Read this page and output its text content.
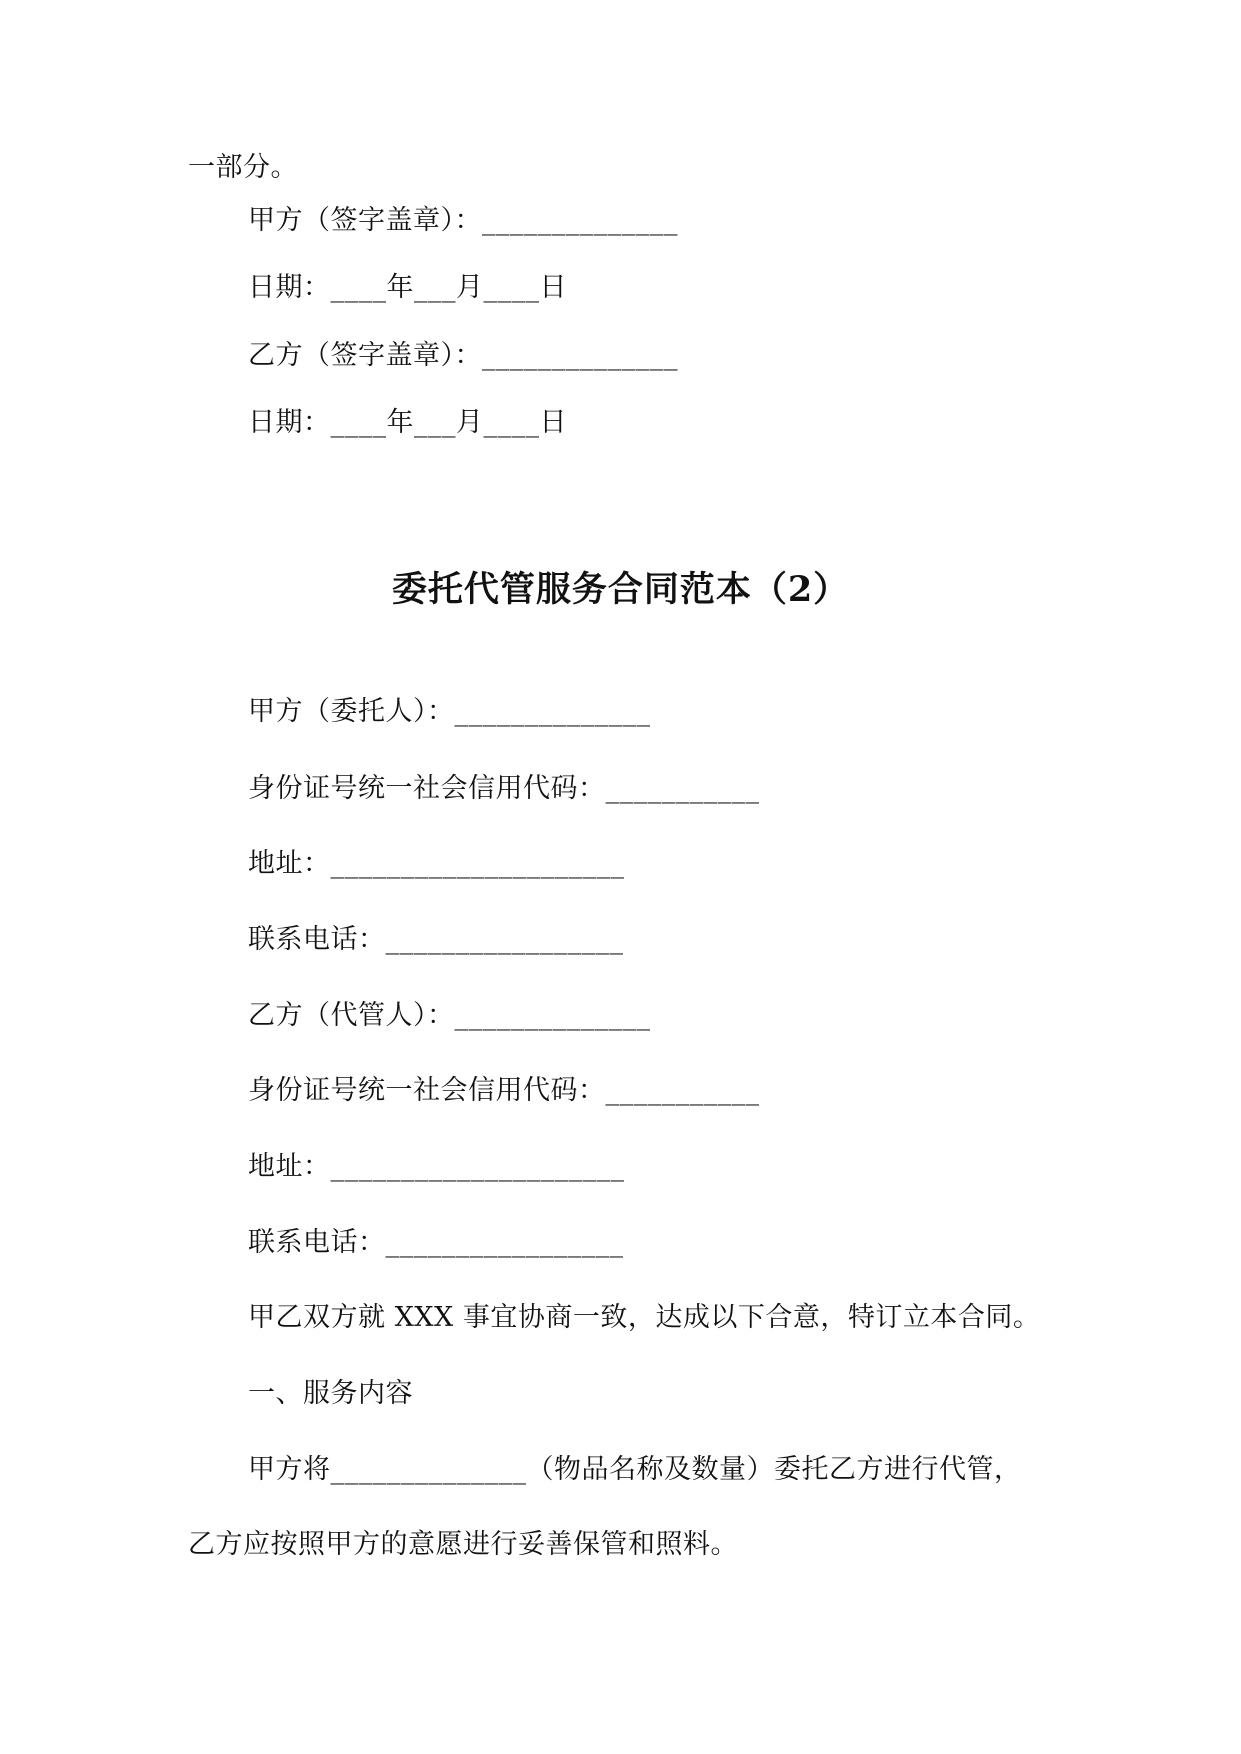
一部分。
甲方（签字盖章）：______________
日期：____年___月____日
乙方（签字盖章）：______________
日期：____年___月____日
委托代管服务合同范本（2）
甲方（委托人）：______________
身份证号统一社会信用代码：___________
地址：_____________________
联系电话：_________________
乙方（代管人）：______________
身份证号统一社会信用代码：___________
地址：_____________________
联系电话：_________________
甲乙双方就 XXX 事宜协商一致，达成以下合意，特订立本合同。
一、服务内容
甲方将______________（物品名称及数量）委托乙方进行代管，
乙方应按照甲方的意愿进行妥善保管和照料。
